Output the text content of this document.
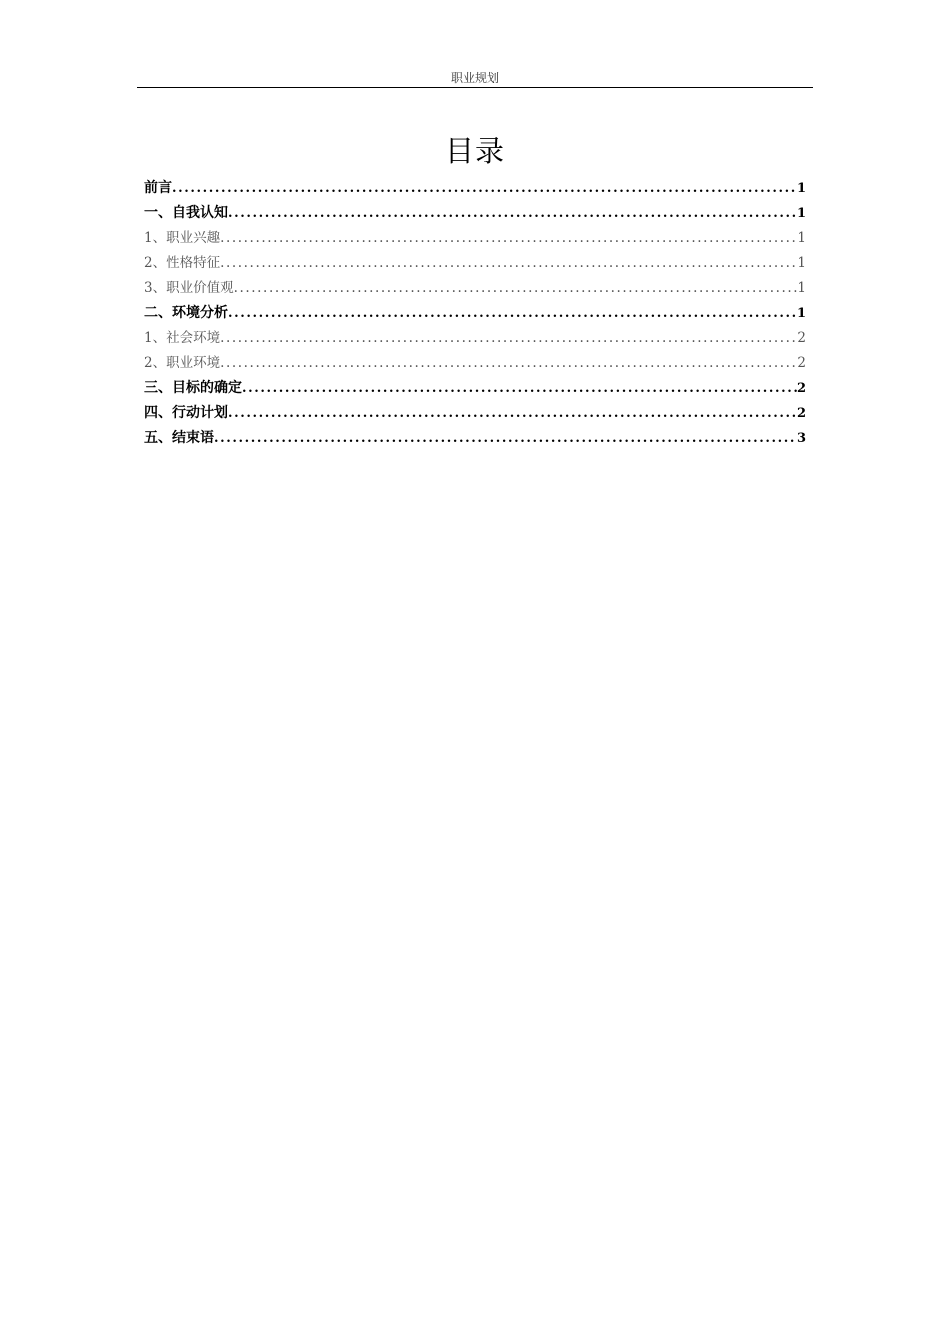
职业规划
目录
前言 .....	1
一、自我认知 .....	1
1、职业兴趣 .....	1
2、性格特征 .....	1
3、职业价值观 .....	1
二、环境分析 .....	1
1、社会环境 .....	2
2、职业环境 .....	2
三、目标的确定 .....	2
四、行动计划 .....	2
五、结束语 .....	3
